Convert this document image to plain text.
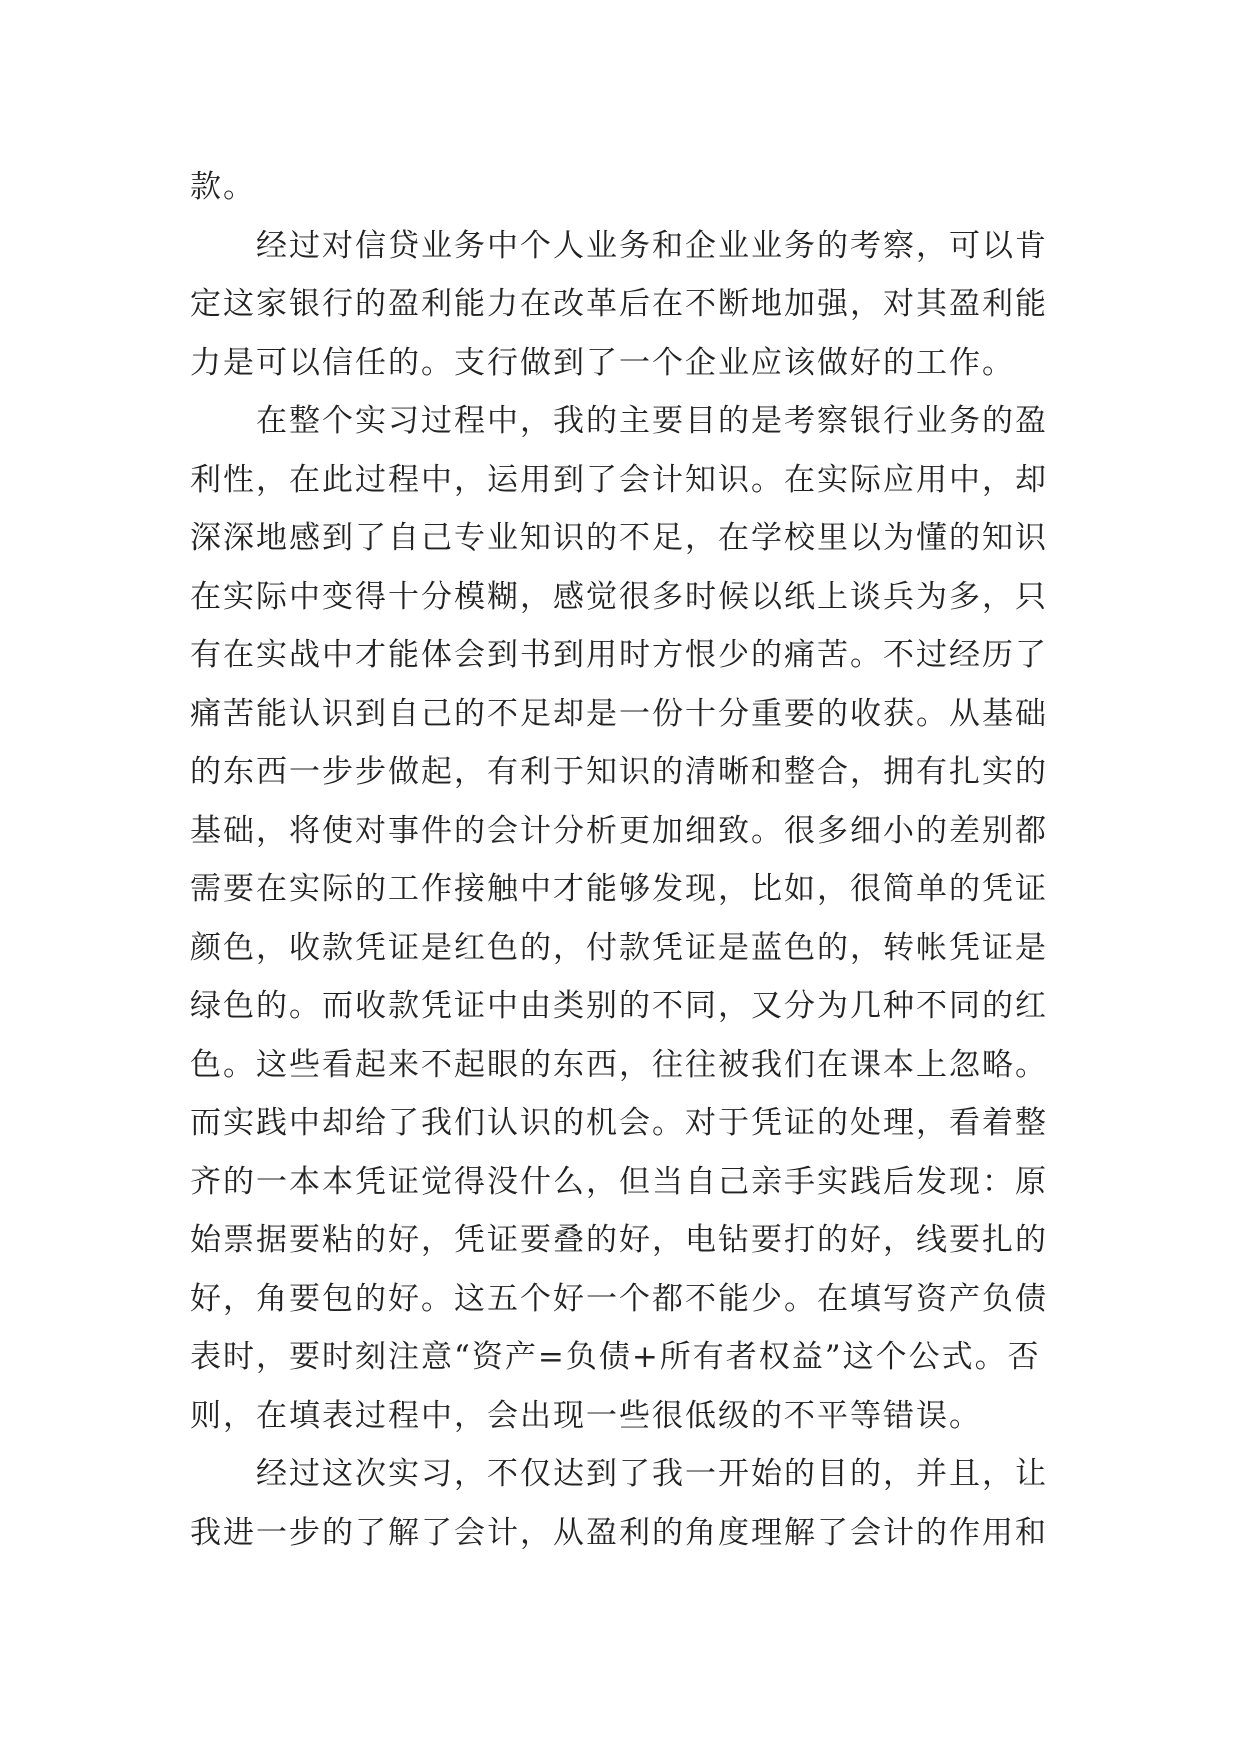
款。
经过对信贷业务中个人业务和企业业务的考察，可以肯
定这家银行的盈利能力在改革后在不断地加强，对其盈利能
力是可以信任的。支行做到了一个企业应该做好的工作。
在整个实习过程中，我的主要目的是考察银行业务的盈
利性，在此过程中，运用到了会计知识。在实际应用中，却
深深地感到了自己专业知识的不足，在学校里以为懂的知识
在实际中变得十分模糊，感觉很多时候以纸上谈兵为多，只
有在实战中才能体会到书到用时方恨少的痛苦。不过经历了
痛苦能认识到自己的不足却是一份十分重要的收获。从基础
的东西一步步做起，有利于知识的清晰和整合，拥有扎实的
基础，将使对事件的会计分析更加细致。很多细小的差别都
需要在实际的工作接触中才能够发现，比如，很简单的凭证
颜色，收款凭证是红色的，付款凭证是蓝色的，转帐凭证是
绿色的。而收款凭证中由类别的不同，又分为几种不同的红
色。这些看起来不起眼的东西，往往被我们在课本上忽略。
而实践中却给了我们认识的机会。对于凭证的处理，看着整
齐的一本本凭证觉得没什么，但当自己亲手实践后发现：原
始票据要粘的好，凭证要叠的好，电钻要打的好，线要扎的
好，角要包的好。这五个好一个都不能少。在填写资产负债
表时，要时刻注意“资产=负债+所有者权益”这个公式。否
则，在填表过程中，会出现一些很低级的不平等错误。
经过这次实习，不仅达到了我一开始的目的，并且，让
我进一步的了解了会计，从盈利的角度理解了会计的作用和
